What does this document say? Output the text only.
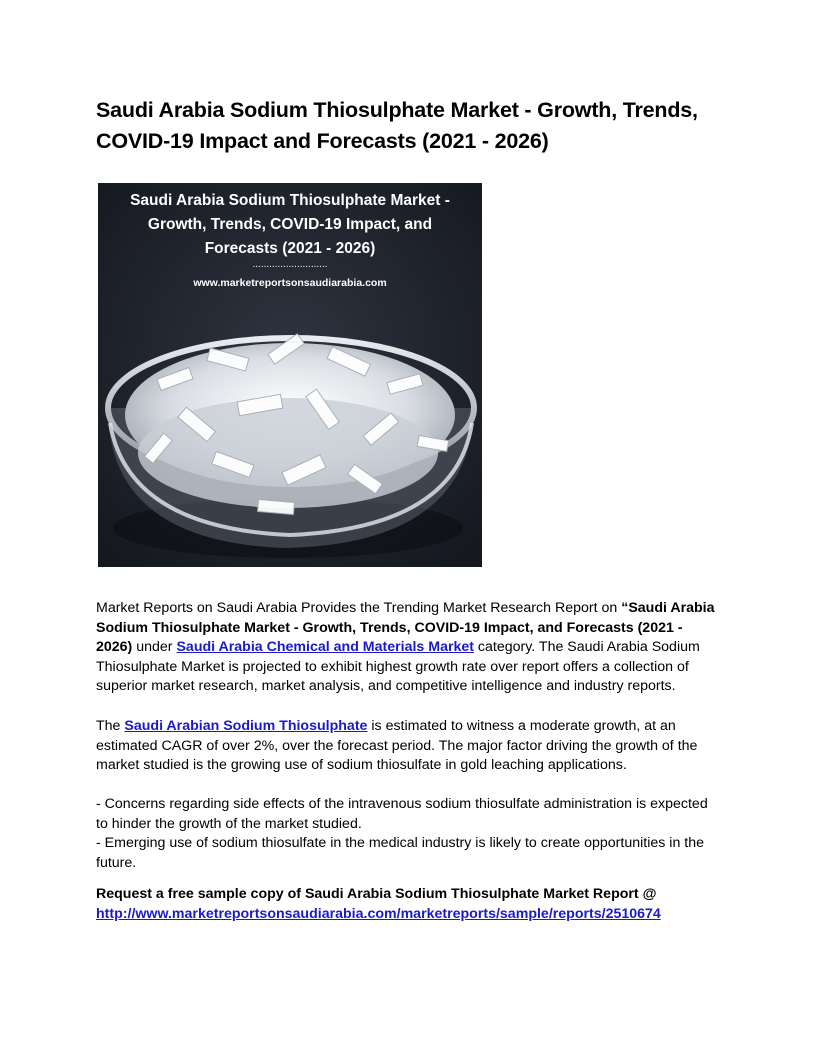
Saudi Arabia Sodium Thiosulphate Market - Growth, Trends, COVID-19 Impact and Forecasts (2021 - 2026)
Saudi Arabia Sodium Thiosulphate Market -
Growth, Trends, COVID-19 Impact, and
Forecasts (2021 - 2026)
...........................
www.marketreportsonsaudiarabia.com

Market Reports on Saudi Arabia Provides the Trending Market Research Report on “Saudi Arabia Sodium Thiosulphate Market - Growth, Trends, COVID-19 Impact, and Forecasts (2021 - 2026) under Saudi Arabia Chemical and Materials Market category. The Saudi Arabia Sodium Thiosulphate Market is projected to exhibit highest growth rate over report offers a collection of superior market research, market analysis, and competitive intelligence and industry reports.

The Saudi Arabian Sodium Thiosulphate is estimated to witness a moderate growth, at an estimated CAGR of over 2%, over the forecast period. The major factor driving the growth of the market studied is the growing use of sodium thiosulfate in gold leaching applications.

- Concerns regarding side effects of the intravenous sodium thiosulfate administration is expected to hinder the growth of the market studied.

- Emerging use of sodium thiosulfate in the medical industry is likely to create opportunities in the future.

Request a free sample copy of Saudi Arabia Sodium Thiosulphate Market Report @
http://www.marketreportsonsaudiarabia.com/marketreports/sample/reports/2510674
